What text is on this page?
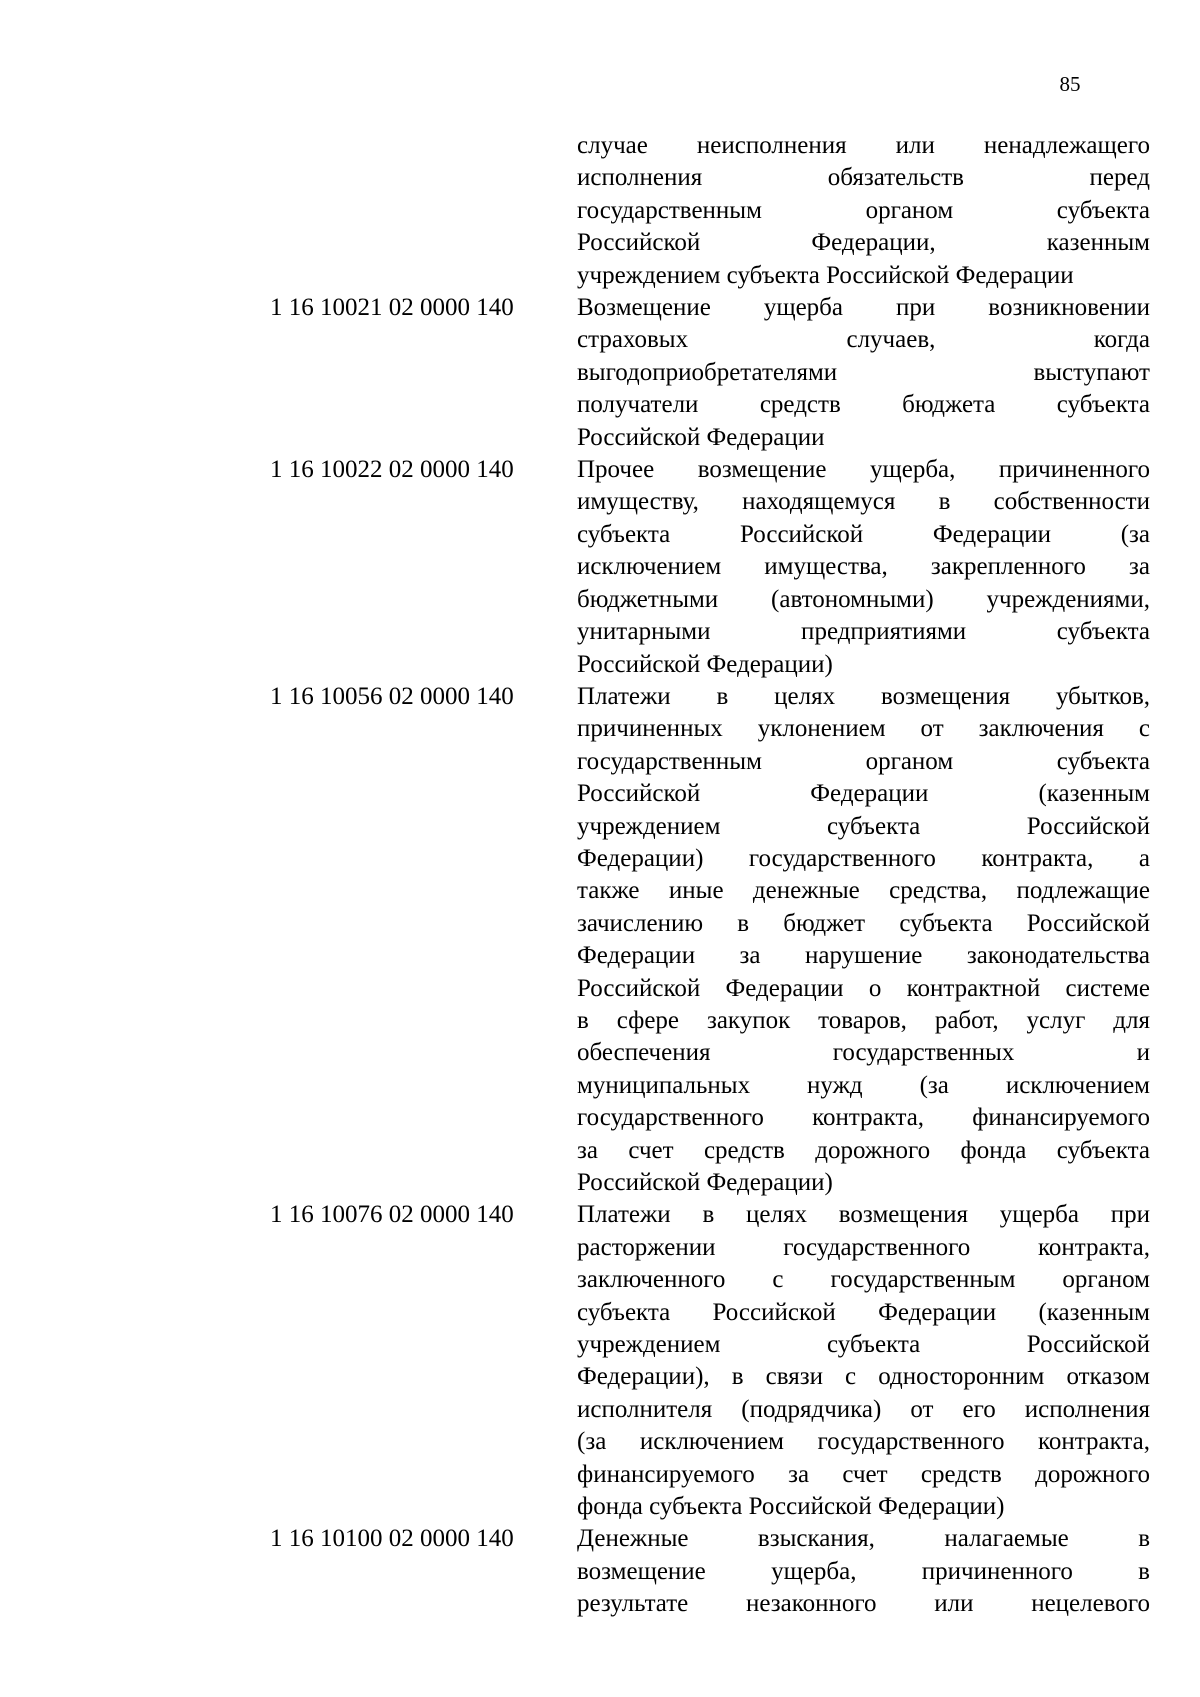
85
случае неисполнения или ненадлежащего
исполнения обязательств перед
государственным органом субъекта
Российской Федерации, казенным
учреждением субъекта Российской Федерации
1 16 10021 02 0000 140	Возмещение ущерба при возникновении
страховых случаев, когда
выгодоприобретателями выступают
получатели средств бюджета субъекта
Российской Федерации
1 16 10022 02 0000 140	Прочее возмещение ущерба, причиненного
имуществу, находящемуся в собственности
субъекта Российской Федерации (за
исключением имущества, закрепленного за
бюджетными (автономными) учреждениями,
унитарными предприятиями субъекта
Российской Федерации)
1 16 10056 02 0000 140	Платежи в целях возмещения убытков,
причиненных уклонением от заключения с
государственным органом субъекта
Российской Федерации (казенным
учреждением субъекта Российской
Федерации) государственного контракта, а
также иные денежные средства, подлежащие
зачислению в бюджет субъекта Российской
Федерации за нарушение законодательства
Российской Федерации о контрактной системе
в сфере закупок товаров, работ, услуг для
обеспечения государственных и
муниципальных нужд (за исключением
государственного контракта, финансируемого
за счет средств дорожного фонда субъекта
Российской Федерации)
1 16 10076 02 0000 140	Платежи в целях возмещения ущерба при
расторжении государственного контракта,
заключенного с государственным органом
субъекта Российской Федерации (казенным
учреждением субъекта Российской
Федерации), в связи с односторонним отказом
исполнителя (подрядчика) от его исполнения
(за исключением государственного контракта,
финансируемого за счет средств дорожного
фонда субъекта Российской Федерации)
1 16 10100 02 0000 140	Денежные взыскания, налагаемые в
возмещение ущерба, причиненного в
результате незаконного или нецелевого
